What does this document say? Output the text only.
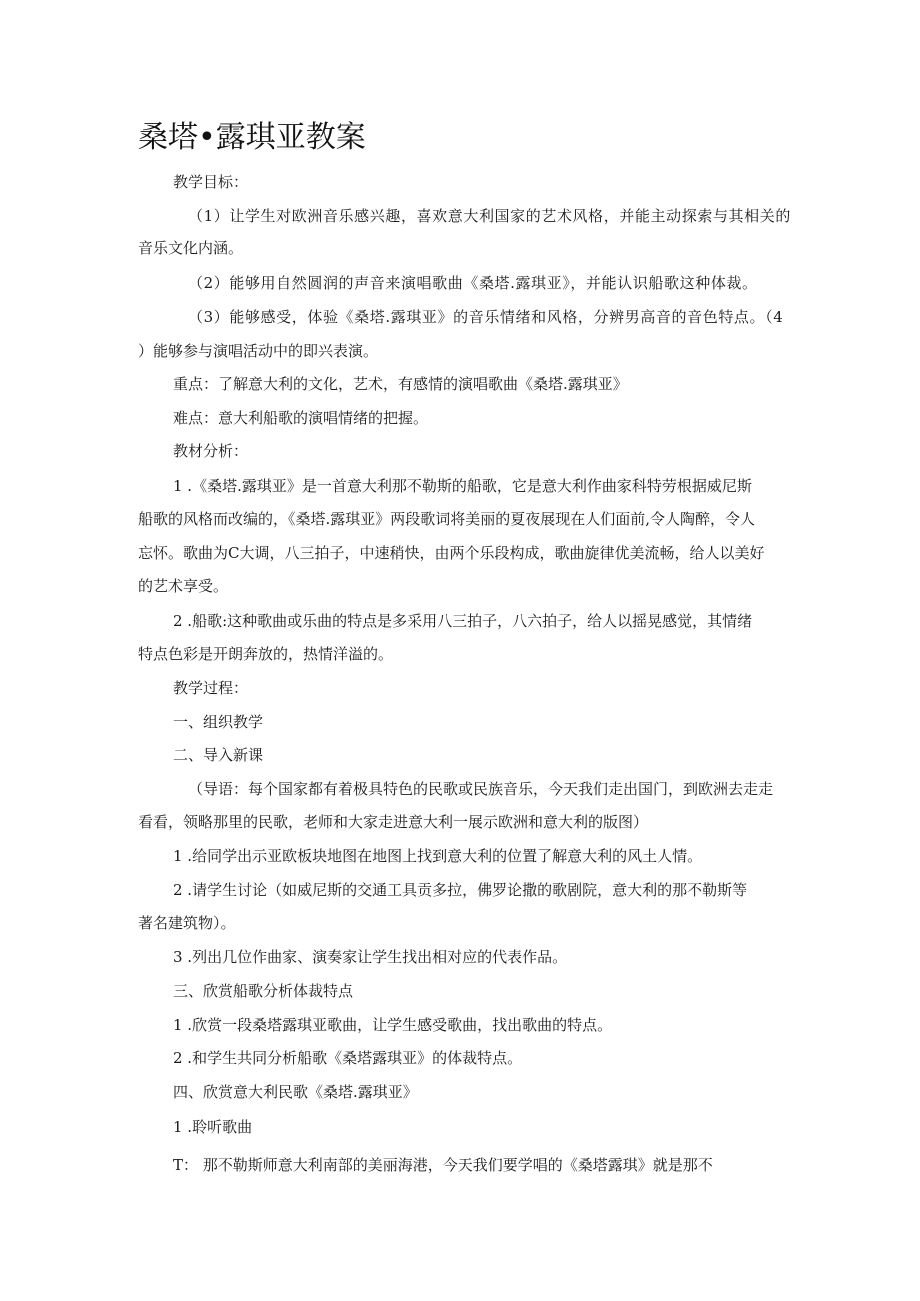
桑塔•露琪亚教案
教学目标：
（1）让学生对欧洲音乐感兴趣，喜欢意大利国家的艺术风格，并能主动探索与其相关的
音乐文化内涵。
（2）能够用自然圆润的声音来演唱歌曲《桑塔.露琪亚》，并能认识船歌这种体裁。
（3）能够感受，体验《桑塔.露琪亚》的音乐情绪和风格，分辨男高音的音色特点。（4
）能够参与演唱活动中的即兴表演。
重点：了解意大利的文化，艺术，有感情的演唱歌曲《桑塔.露琪亚》
难点：意大利船歌的演唱情绪的把握。
教材分析：
1 .《桑塔.露琪亚》是一首意大利那不勒斯的船歌，它是意大利作曲家科特劳根据威尼斯
船歌的风格而改编的，《桑塔.露琪亚》两段歌词将美丽的夏夜展现在人们面前,令人陶醉，令人
忘怀。歌曲为C大调，八三拍子，中速稍快，由两个乐段构成，歌曲旋律优美流畅，给人以美好
的艺术享受。
2 .船歌:这种歌曲或乐曲的特点是多采用八三拍子，八六拍子，给人以摇晃感觉，其情绪
特点色彩是开朗奔放的，热情洋溢的。
教学过程：
一、组织教学
二、导入新课
（导语：每个国家都有着极具特色的民歌或民族音乐，今天我们走出国门，到欧洲去走走
看看，领略那里的民歌，老师和大家走进意大利一展示欧洲和意大利的版图）
1 .给同学出示亚欧板块地图在地图上找到意大利的位置了解意大利的风土人情。
2 .请学生讨论（如威尼斯的交通工具贡多拉，佛罗论撒的歌剧院，意大利的那不勒斯等
著名建筑物）。
3 .列出几位作曲家、演奏家让学生找出相对应的代表作品。
三、欣赏船歌分析体裁特点
1 .欣赏一段桑塔露琪亚歌曲，让学生感受歌曲，找出歌曲的特点。
2 .和学生共同分析船歌《桑塔露琪亚》的体裁特点。
四、欣赏意大利民歌《桑塔.露琪亚》
1 .聆听歌曲
T： 那不勒斯师意大利南部的美丽海港，今天我们要学唱的《桑塔露琪》就是那不
